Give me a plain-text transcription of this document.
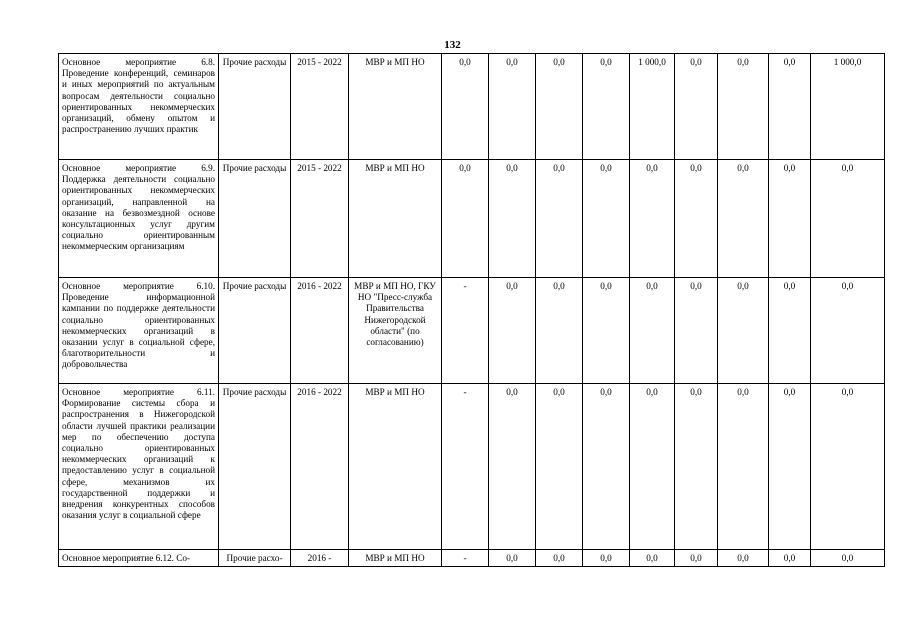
132
Основное мероприятие 6.8. Проведение конференций, семинаров и иных мероприятий по актуальным вопросам деятельности социально ориентированных некоммерческих организаций, обмену опытом и распространению лучших практик	Прочие расходы	2015 - 2022	МВР и МП НО	0,0	0,0	0,0	0,0	1 000,0	0,0	0,0	0,0	1 000,0
Основное мероприятие 6.9. Поддержка деятельности социально ориентированных некоммерческих организаций, направленной на оказание на безвозмездной основе консультационных услуг другим социально ориентированным некоммерческим организациям	Прочие расходы	2015 - 2022	МВР и МП НО	0,0	0,0	0,0	0,0	0,0	0,0	0,0	0,0	0,0
Основное мероприятие 6.10. Проведение информационной кампании по поддержке деятельности социально ориентированных некоммерческих организаций в оказании услуг в социальной сфере, благотворительности и добровольчества	Прочие расходы	2016 - 2022	МВР и МП НО, ГКУ НО "Пресс-служба Правительства Нижегородской области" (по согласованию)	-	0,0	0,0	0,0	0,0	0,0	0,0	0,0	0,0
Основное мероприятие 6.11. Формирование системы сбора и распространения в Нижегородской области лучшей практики реализации мер по обеспечению доступа социально ориентированных некоммерческих организаций к предоставлению услуг в социальной сфере, механизмов их государственной поддержки и внедрения конкурентных способов оказания услуг в социальной сфере	Прочие расходы	2016 - 2022	МВР и МП НО	-	0,0	0,0	0,0	0,0	0,0	0,0	0,0	0,0
Основное мероприятие 6.12. Со-	Прочие расхо-	2016 -	МВР и МП НО	-	0,0	0,0	0,0	0,0	0,0	0,0	0,0	0,0
